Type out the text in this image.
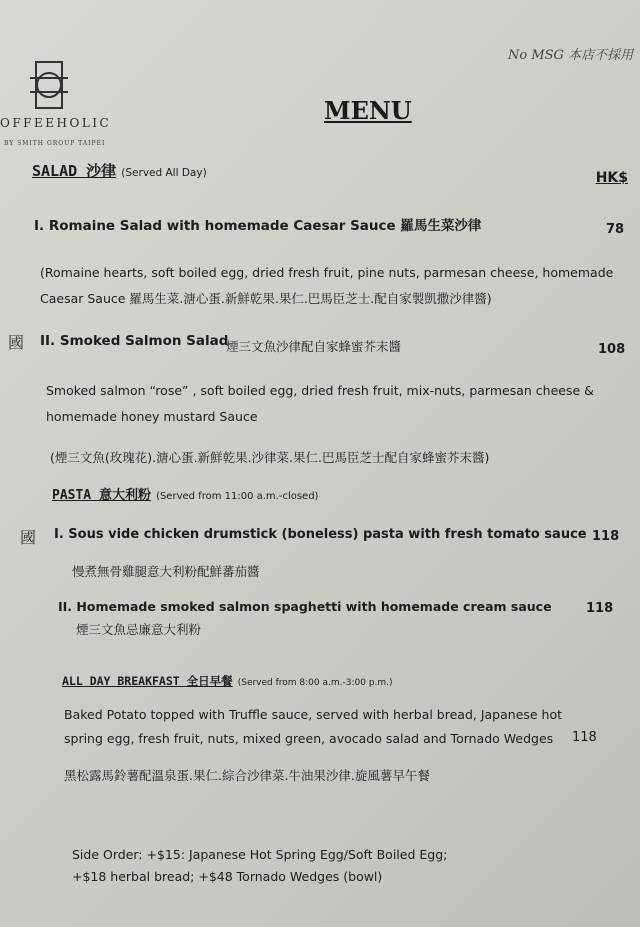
OFFEEHOLIC
BY SMITH GROUP TAIPEI
No MSG 本店不採用
MENU
SALAD 沙律 (Served All Day)	HK$
I. Romaine Salad with homemade Caesar Sauce 羅馬生菜沙律	78
(Romaine hearts, soft boiled egg, dried fresh fruit, pine nuts, parmesan cheese, homemade
Caesar Sauce 羅馬生菜.溏心蛋.新鮮乾果.果仁.巴馬臣芝士.配自家製凱撒沙律醬)
國 II. Smoked Salmon Salad
煙三文魚沙律配自家蜂蜜芥末醬	108
Smoked salmon “rose” , soft boiled egg, dried fresh fruit, mix-nuts, parmesan cheese &
homemade honey mustard Sauce
(煙三文魚(玫瑰花).溏心蛋.新鮮乾果.沙律菜.果仁.巴馬臣芝士配自家蜂蜜芥末醬)
PASTA 意大利粉 (Served from 11:00 a.m.-closed)
國 I. Sous vide chicken drumstick (boneless) pasta with fresh tomato sauce 118
慢煮無骨雞腿意大利粉配鮮蕃茄醬
II. Homemade smoked salmon spaghetti with homemade cream sauce	118
煙三文魚忌廉意大利粉
ALL DAY BREAKFAST 全日早餐 (Served from 8:00 a.m.-3:00 p.m.)
Baked Potato topped with Truffle sauce, served with herbal bread, Japanese hot
spring egg, fresh fruit, nuts, mixed green, avocado salad and Tornado Wedges 118
黑松露馬鈴薯配溫泉蛋.果仁.綜合沙律菜.牛油果沙律.旋風薯早午餐
Side Order: +$15: Japanese Hot Spring Egg/Soft Boiled Egg;
+$18 herbal bread; +$48 Tornado Wedges (bowl)
